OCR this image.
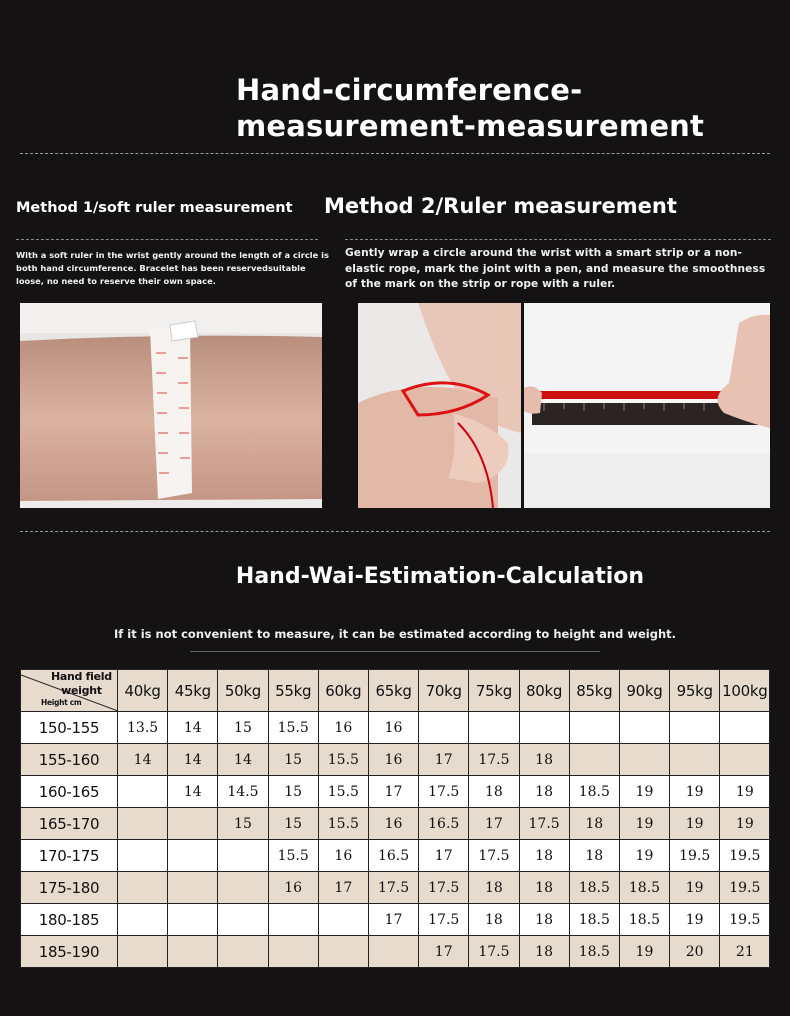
Hand-circumference-
measurement-measurement
Method 1/soft ruler measurement Method 2/Ruler measurement
With a soft ruler in the wrist gently around the length of a circle is both hand circumference. Bracelet has been reservedsuitable loose, no need to reserve their own space.
Gently wrap a circle around the wrist with a smart strip or a non-elastic rope, mark the joint with a pen, and measure the smoothness of the mark on the strip or rope with a ruler.
Hand-Wai-Estimation-Calculation
If it is not convenient to measure, it can be estimated according to height and weight.
Hand field
weight
Height cm	40kg	45kg	50kg	55kg	60kg	65kg	70kg	75kg	80kg	85kg	90kg	95kg	100kg
150-155	13.5	14	15	15.5	16	16							
155-160	14	14	14	15	15.5	16	17	17.5	18				
160-165		14	14.5	15	15.5	17	17.5	18	18	18.5	19	19	19
165-170			15	15	15.5	16	16.5	17	17.5	18	19	19	19
170-175				15.5	16	16.5	17	17.5	18	18	19	19.5	19.5
175-180				16	17	17.5	17.5	18	18	18.5	18.5	19	19.5
180-185						17	17.5	18	18	18.5	18.5	19	19.5
185-190							17	17.5	18	18.5	19	20	21
